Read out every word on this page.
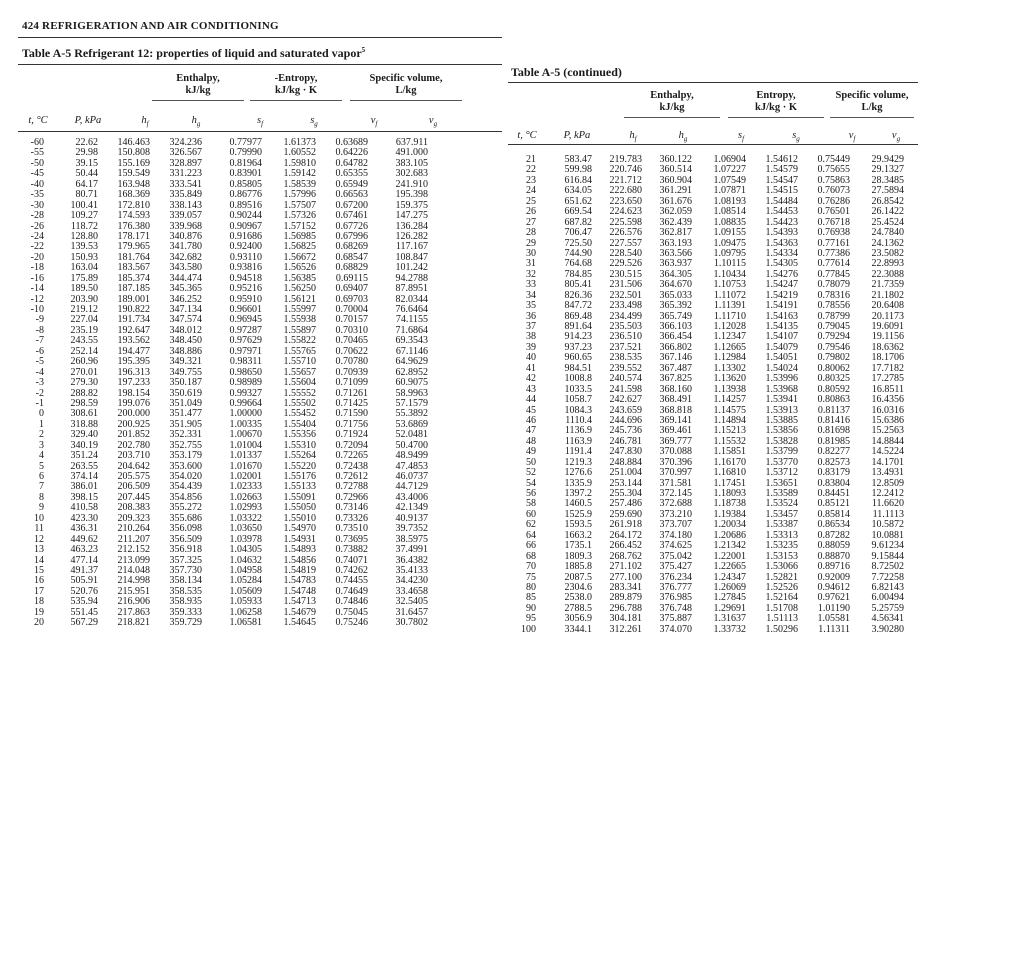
424 REFRIGERATION AND AIR CONDITIONING
Table A-5 Refrigerant 12: properties of liquid and saturated vapor$^5$
Table A-5 (continued)
Enthalpy,
kJ/kg
-Entropy,
kJ/kg · K
Specific volume,
L/kg
t, °C	P, kPa	$h_f$	$h_g$	$s_f$	$s_g$	$v_f$	$v_g$
-60	22.62	146.463	324.236	0.77977	1.61373	0.63689	637.911
-55	29.98	150.808	326.567	0.79990	1.60552	0.64226	491.000
-50	39.15	155.169	328.897	0.81964	1.59810	0.64782	383.105
-45	50.44	159.549	331.223	0.83901	1.59142	0.65355	302.683
-40	64.17	163.948	333.541	0.85805	1.58539	0.65949	241.910
-35	80.71	168.369	335.849	0.86776	1.57996	0.66563	195.398
-30	100.41	172.810	338.143	0.89516	1.57507	0.67200	159.375
-28	109.27	174.593	339.057	0.90244	1.57326	0.67461	147.275
-26	118.72	176.380	339.968	0.90967	1.57152	0.67726	136.284
-24	128.80	178.171	340.876	0.91686	1.56985	0.67996	126.282
-22	139.53	179.965	341.780	0.92400	1.56825	0.68269	117.167
-20	150.93	181.764	342.682	0.93110	1.56672	0.68547	108.847
-18	163.04	183.567	343.580	0.93816	1.56526	0.68829	101.242
-16	175.89	185.374	344.474	0.94518	1.56385	0.69115	94.2788
-14	189.50	187.185	345.365	0.95216	1.56250	0.69407	87.8951
-12	203.90	189.001	346.252	0.95910	1.56121	0.69703	82.0344
-10	219.12	190.822	347.134	0.96601	1.55997	0.70004	76.6464
-9	227.04	191.734	347.574	0.96945	1.55938	0.70157	74.1155
-8	235.19	192.647	348.012	0.97287	1.55897	0.70310	71.6864
-7	243.55	193.562	348.450	0.97629	1.55822	0.70465	69.3543
-6	252.14	194.477	348.886	0.97971	1.55765	0.70622	67.1146
-5	260.96	195.395	349.321	0.98311	1.55710	0.70780	64.9629
-4	270.01	196.313	349.755	0.98650	1.55657	0.70939	62.8952
-3	279.30	197.233	350.187	0.98989	1.55604	0.71099	60.9075
-2	288.82	198.154	350.619	0.99327	1.55552	0.71261	58.9963
-1	298.59	199.076	351.049	0.99664	1.55502	0.71425	57.1579
0	308.61	200.000	351.477	1.00000	1.55452	0.71590	55.3892
1	318.88	200.925	351.905	1.00335	1.55404	0.71756	53.6869
2	329.40	201.852	352.331	1.00670	1.55356	0.71924	52.0481
3	340.19	202.780	352.755	1.01004	1.55310	0.72094	50.4700
4	351.24	203.710	353.179	1.01337	1.55264	0.72265	48.9499
5	263.55	204.642	353.600	1.01670	1.55220	0.72438	47.4853
6	374.14	205.575	354.020	1.02001	1.55176	0.72612	46.0737
7	386.01	206.509	354.439	1.02333	1.55133	0.72788	44.7129
8	398.15	207.445	354.856	1.02663	1.55091	0.72966	43.4006
9	410.58	208.383	355.272	1.02993	1.55050	0.73146	42.1349
10	423.30	209.323	355.686	1.03322	1.55010	0.73326	40.9137
11	436.31	210.264	356.098	1.03650	1.54970	0.73510	39.7352
12	449.62	211.207	356.509	1.03978	1.54931	0.73695	38.5975
13	463.23	212.152	356.918	1.04305	1.54893	0.73882	37.4991
14	477.14	213.099	357.325	1.04632	1.54856	0.74071	36.4382
15	491.37	214.048	357.730	1.04958	1.54819	0.74262	35.4133
16	505.91	214.998	358.134	1.05284	1.54783	0.74455	34.4230
17	520.76	215.951	358.535	1.05609	1.54748	0.74649	33.4658
18	535.94	216.906	358.935	1.05933	1.54713	0.74846	32.5405
19	551.45	217.863	359.333	1.06258	1.54679	0.75045	31.6457
20	567.29	218.821	359.729	1.06581	1.54645	0.75246	30.7802
Enthalpy,
kJ/kg
Entropy,
kJ/kg · K
Specific volume,
L/kg
t, °C	P, kPa	$h_f$	$h_g$	$s_f$	$s_g$	$v_f$	$v_g$
21	583.47	219.783	360.122	1.06904	1.54612	0.75449	29.9429
22	599.98	220.746	360.514	1.07227	1.54579	0.75655	29.1327
23	616.84	221.712	360.904	1.07549	1.54547	0.75863	28.3485
24	634.05	222.680	361.291	1.07871	1.54515	0.76073	27.5894
25	651.62	223.650	361.676	1.08193	1.54484	0.76286	26.8542
26	669.54	224.623	362.059	1.08514	1.54453	0.76501	26.1422
27	687.82	225.598	362.439	1.08835	1.54423	0.76718	25.4524
28	706.47	226.576	362.817	1.09155	1.54393	0.76938	24.7840
29	725.50	227.557	363.193	1.09475	1.54363	0.77161	24.1362
30	744.90	228.540	363.566	1.09795	1.54334	0.77386	23.5082
31	764.68	229.526	363.937	1.10115	1.54305	0.77614	22.8993
32	784.85	230.515	364.305	1.10434	1.54276	0.77845	22.3088
33	805.41	231.506	364.670	1.10753	1.54247	0.78079	21.7359
34	826.36	232.501	365.033	1.11072	1.54219	0.78316	21.1802
35	847.72	233.498	365.392	1.11391	1.54191	0.78556	20.6408
36	869.48	234.499	365.749	1.11710	1.54163	0.78799	20.1173
37	891.64	235.503	366.103	1.12028	1.54135	0.79045	19.6091
38	914.23	236.510	366.454	1.12347	1.54107	0.79294	19.1156
39	937.23	237.521	366.802	1.12665	1.54079	0.79546	18.6362
40	960.65	238.535	367.146	1.12984	1.54051	0.79802	18.1706
41	984.51	239.552	367.487	1.13302	1.54024	0.80062	17.7182
42	1008.8	240.574	367.825	1.13620	1.53996	0.80325	17.2785
43	1033.5	241.598	368.160	1.13938	1.53968	0.80592	16.8511
44	1058.7	242.627	368.491	1.14257	1.53941	0.80863	16.4356
45	1084.3	243.659	368.818	1.14575	1.53913	0.81137	16.0316
46	1110.4	244.696	369.141	1.14894	1.53885	0.81416	15.6386
47	1136.9	245.736	369.461	1.15213	1.53856	0.81698	15.2563
48	1163.9	246.781	369.777	1.15532	1.53828	0.81985	14.8844
49	1191.4	247.830	370.088	1.15851	1.53799	0.82277	14.5224
50	1219.3	248.884	370.396	1.16170	1.53770	0.82573	14.1701
52	1276.6	251.004	370.997	1.16810	1.53712	0.83179	13.4931
54	1335.9	253.144	371.581	1.17451	1.53651	0.83804	12.8509
56	1397.2	255.304	372.145	1.18093	1.53589	0.84451	12.2412
58	1460.5	257.486	372.688	1.18738	1.53524	0.85121	11.6620
60	1525.9	259.690	373.210	1.19384	1.53457	0.85814	11.1113
62	1593.5	261.918	373.707	1.20034	1.53387	0.86534	10.5872
64	1663.2	264.172	374.180	1.20686	1.53313	0.87282	10.0881
66	1735.1	266.452	374.625	1.21342	1.53235	0.88059	9.61234
68	1809.3	268.762	375.042	1.22001	1.53153	0.88870	9.15844
70	1885.8	271.102	375.427	1.22665	1.53066	0.89716	8.72502
75	2087.5	277.100	376.234	1.24347	1.52821	0.92009	7.72258
80	2304.6	283.341	376.777	1.26069	1.52526	0.94612	6.82143
85	2538.0	289.879	376.985	1.27845	1.52164	0.97621	6.00494
90	2788.5	296.788	376.748	1.29691	1.51708	1.01190	5.25759
95	3056.9	304.181	375.887	1.31637	1.51113	1.05581	4.56341
100	3344.1	312.261	374.070	1.33732	1.50296	1.11311	3.90280
